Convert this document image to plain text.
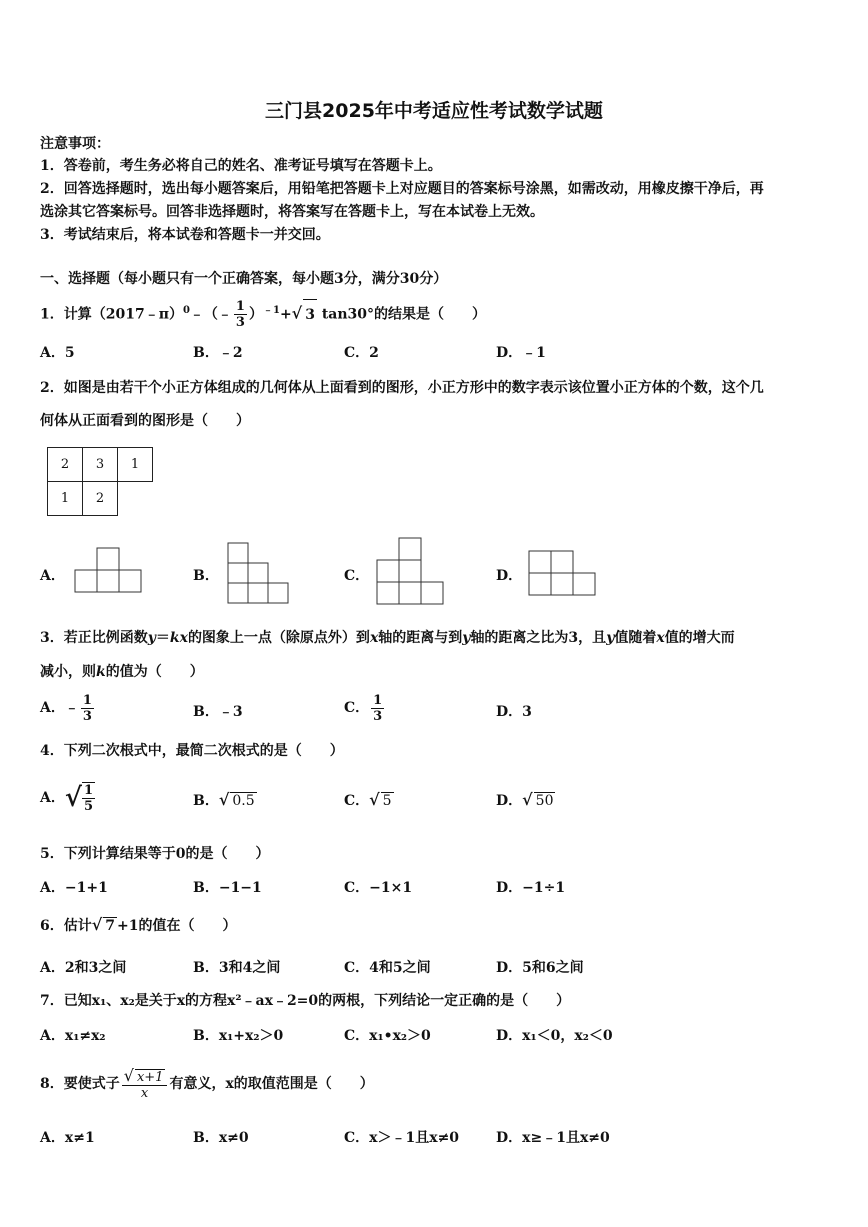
三门县2025年中考适应性考试数学试题
注意事项：
1．答卷前，考生务必将自己的姓名、准考证号填写在答题卡上。
2．回答选择题时，选出每小题答案后，用铅笔把答题卡上对应题目的答案标号涂黑，如需改动，用橡皮擦干净后，再
选涂其它答案标号。回答非选择题时，将答案写在答题卡上，写在本试卷上无效。
3．考试结束后，将本试卷和答题卡一并交回。
一、选择题（每小题只有一个正确答案，每小题3分，满分30分）
1．计算（2017﹣π）$^0$﹣（﹣ $\frac{1}{3} )^{﹣1}+√$ 3 tan30°的结果是（　　）
A．5	B．﹣2	C．2	D．﹣1
2．如图是由若干个小正方体组成的几何体从上面看到的图形，小正方形中的数字表示该位置小正方体的个数，这个几
何体从正面看到的图形是（　　）
2	3	1
1	2	
A．	B．	C．	D．
3．若正比例函数y＝kx的图象上一点（除原点外）到x轴的距离与到y轴的距离之比为3，且y值随着x值的增大而
减小，则k的值为（　　）
A．﹣ $\frac{1}{3}$	B．﹣3	C． $\frac{1}{3}$	D．3
4．下列二次根式中，最简二次根式的是（　　）
A．√ $\frac{1}{5}$	B．√ 0.5	C．√ 5	D．√ 50
5．下列计算结果等于0的是（　　）
A．−1+1	B．−1−1	C．−1×1	D．−1÷1
6．估计√ 7 +1的值在（　　）
A．2和3之间	B．3和4之间	C．4和5之间	D．5和6之间
7．已知x₁、x₂是关于x的方程x²﹣ax﹣2=0的两根，下列结论一定正确的是（　　）
A．x₁≠x₂	B．x₁+x₂＞0	C．x₁•x₂＞0	D．x₁＜0，x₂＜0
8．要使式子 $\frac{√ x+1}{x}$ 有意义，x的取值范围是（　　）
A．x≠1	B．x≠0	C．x＞﹣1且x≠0	D．x≥﹣1且x≠0
